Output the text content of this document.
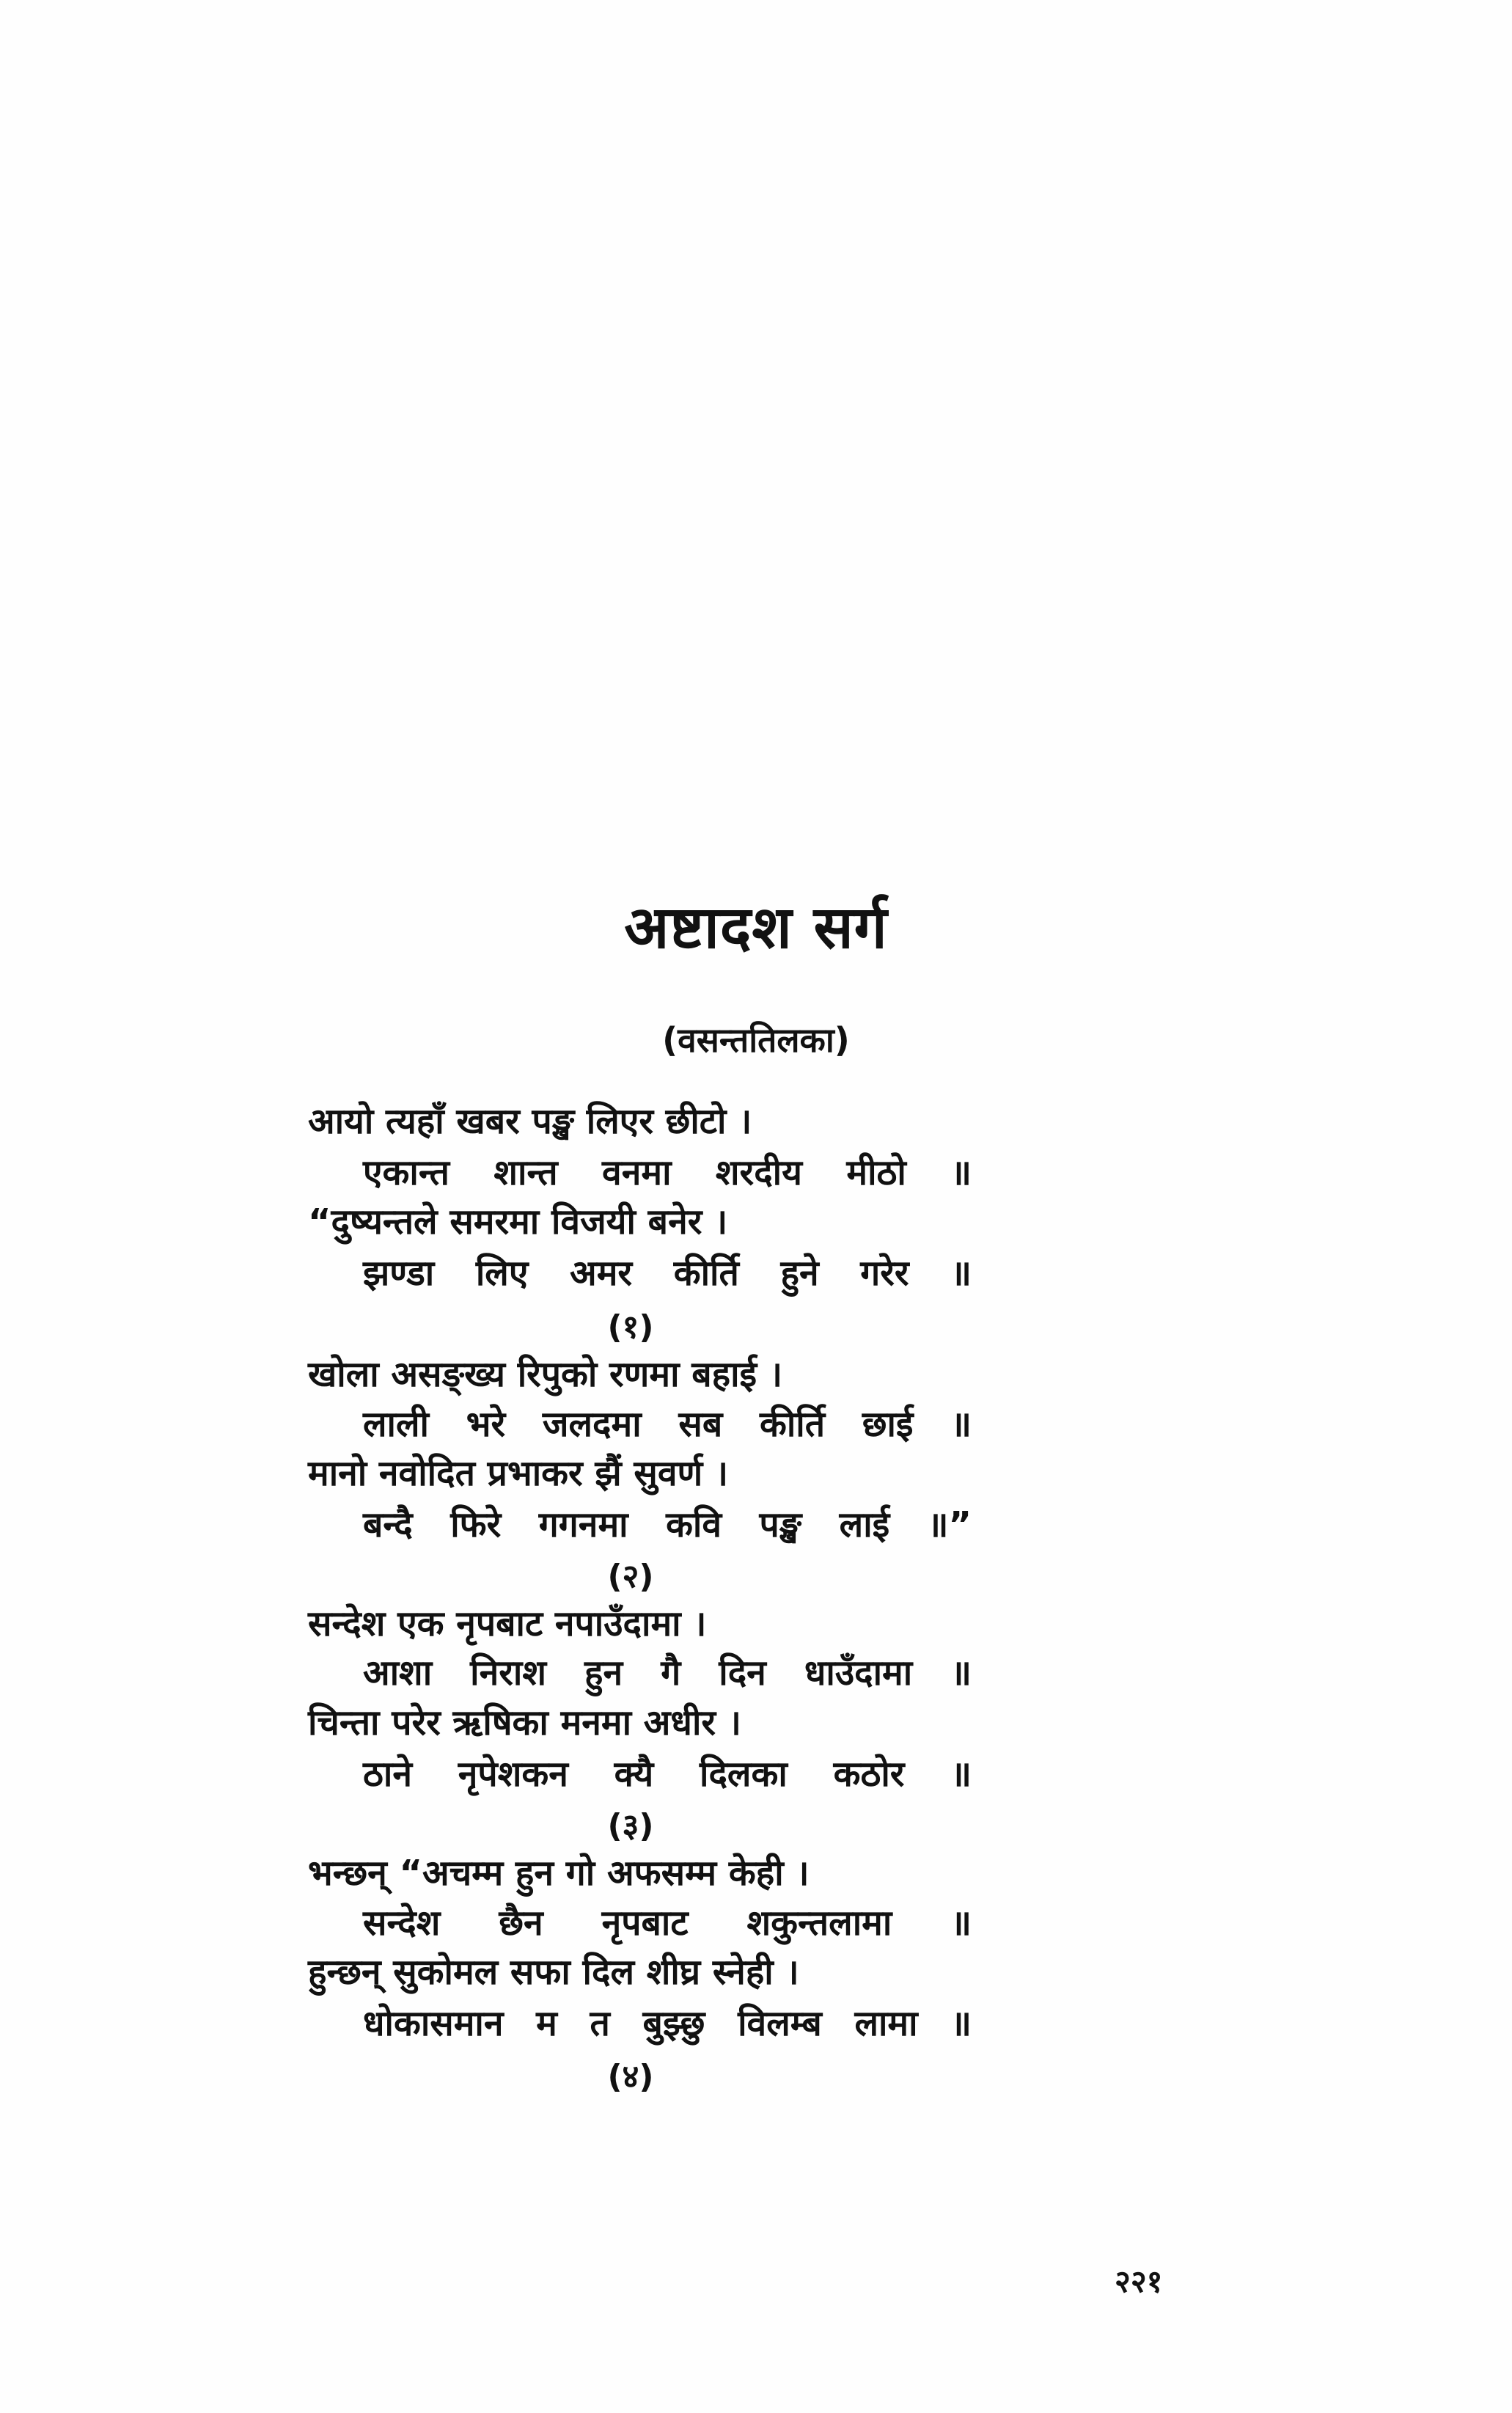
अष्टादश सर्ग
(वसन्ततिलका)
आयो त्यहाँ खबर पङ्ख लिएर छीटो ।
एकान्त शान्त वनमा शरदीय मीठो ॥
“दुष्यन्तले समरमा विजयी बनेर ।
झण्डा लिए अमर कीर्ति हुने गरेर ॥
(१)
खोला असङ्ख्य रिपुको रणमा बहाई ।
लाली भरे जलदमा सब कीर्ति छाई ॥
मानो नवोदित प्रभाकर झैं सुवर्ण ।
बन्दै फिरे गगनमा कवि पङ्ख लाई ॥”
(२)
सन्देश एक नृपबाट नपाउँदामा ।
आशा निराश हुन गै दिन धाउँदामा ॥
चिन्ता परेर ऋषिका मनमा अधीर ।
ठाने नृपेशकन क्यै दिलका कठोर ॥
(३)
भन्छन् “अचम्म हुन गो अफसम्म केही ।
सन्देश छैन नृपबाट शकुन्तलामा ॥
हुन्छन् सुकोमल सफा दिल शीघ्र स्नेही ।
धोकासमान म त बुझ्छु विलम्ब लामा ॥
(४)
२२१
